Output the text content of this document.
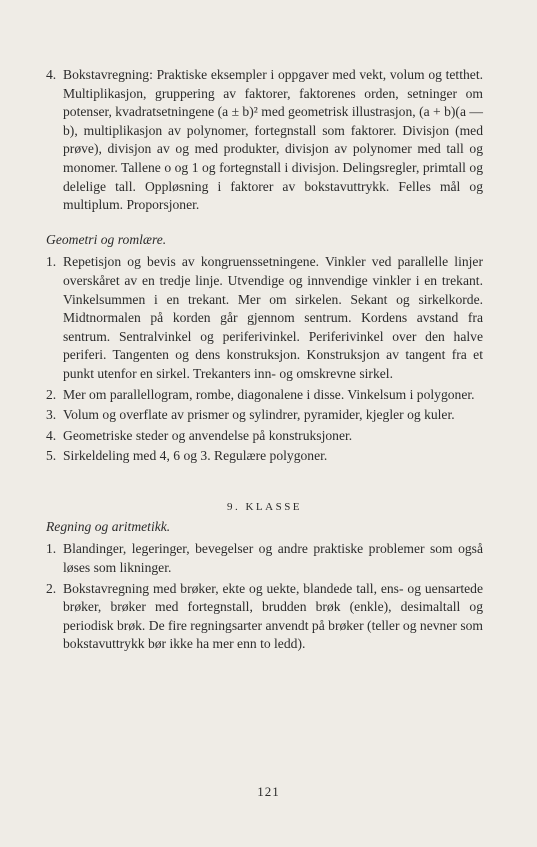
4. Bokstavregning: Praktiske eksempler i oppgaver med vekt, volum og tetthet. Multiplikasjon, gruppering av faktorer, faktorenes orden, setninger om potenser, kvadratsetningene (a ± b)² med geometrisk illustrasjon, (a + b)(a — b), multiplikasjon av polynomer, fortegnstall som faktorer. Divisjon (med prøve), divisjon av og med produkter, divisjon av polynomer med tall og monomer. Tallene o og 1 og fortegnstall i divisjon. Delingsregler, primtall og delelige tall. Oppløsning i faktorer av bokstavuttrykk. Felles mål og multiplum. Proporsjoner.
Geometri og romlære.
1. Repetisjon og bevis av kongruenssetningene. Vinkler ved parallelle linjer overskåret av en tredje linje. Utvendige og innvendige vinkler i en trekant. Vinkelsummen i en trekant. Mer om sirkelen. Sekant og sirkelkorde. Midtnormalen på korden går gjennom sentrum. Kordens avstand fra sentrum. Sentralvinkel og periferivinkel. Periferivinkel over den halve periferi. Tangenten og dens konstruksjon. Konstruksjon av tangent fra et punkt utenfor en sirkel. Trekanters inn- og omskrevne sirkel.
2. Mer om parallellogram, rombe, diagonalene i disse. Vinkelsum i polygoner.
3. Volum og overflate av prismer og sylindrer, pyramider, kjegler og kuler.
4. Geometriske steder og anvendelse på konstruksjoner.
5. Sirkeldeling med 4, 6 og 3. Regulære polygoner.
9. KLASSE
Regning og aritmetikk.
1. Blandinger, legeringer, bevegelser og andre praktiske problemer som også løses som likninger.
2. Bokstavregning med brøker, ekte og uekte, blandede tall, ens- og uensartede brøker, brøker med fortegnstall, brudden brøk (enkle), desimaltall og periodisk brøk. De fire regningsarter anvendt på brøker (teller og nevner som bokstavuttrykk bør ikke ha mer enn to ledd).
121
